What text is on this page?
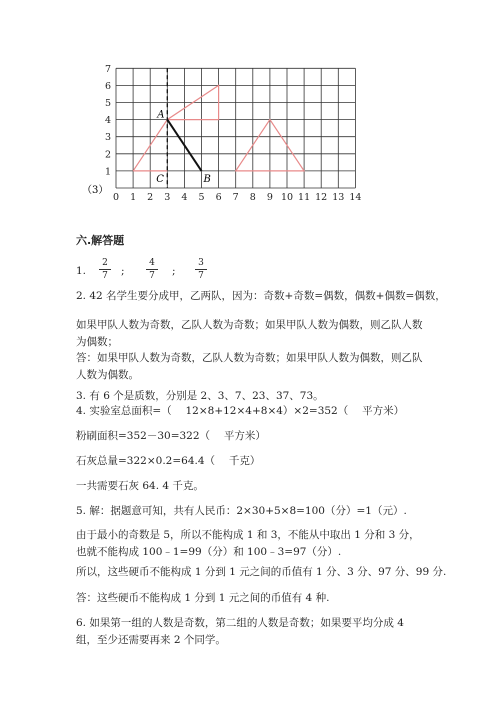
0 1 2 3 4 5 6 7 8 9 10 11 12 13 14
1
2
3
4
5
6
7
A
B
C
（3）
六.解答题
1.
2
7 ;
4
7 ;
3
7
2. 42 名学生要分成甲，乙两队，因为：奇数+奇数=偶数，偶数+偶数=偶数，
如果甲队人数为奇数，乙队人数为奇数；如果甲队人数为偶数，则乙队人数为偶数；
答：如果甲队人数为奇数，乙队人数为奇数；如果甲队人数为偶数，则乙队人数为偶数。
3. 有 6 个是质数，分别是 2、3、7、23、37、73。
4. 实验室总面积=（　 12×8+12×4+8×4）×2=352（　 平方米）
粉刷面积=352－30=322（　 平方米）
石灰总量=322×0.2=64.4（　 千克）
一共需要石灰 64. 4 千克。
5. 解：据题意可知，共有人民币：2×30+5×8=100（分）=1（元）.
由于最小的奇数是 5，所以不能构成 1 和 3，不能从中取出 1 分和 3 分，也就不能构成 100﹣1=99（分）和 100﹣3=97（分）.
所以，这些硬币不能构成 1 分到 1 元之间的币值有 1 分、3 分、97 分、99 分.
答：这些硬币不能构成 1 分到 1 元之间的币值有 4 种.
6. 如果第一组的人数是奇数，第二组的人数是奇数；如果要平均分成 4 组，至少还需要再来 2 个同学。
